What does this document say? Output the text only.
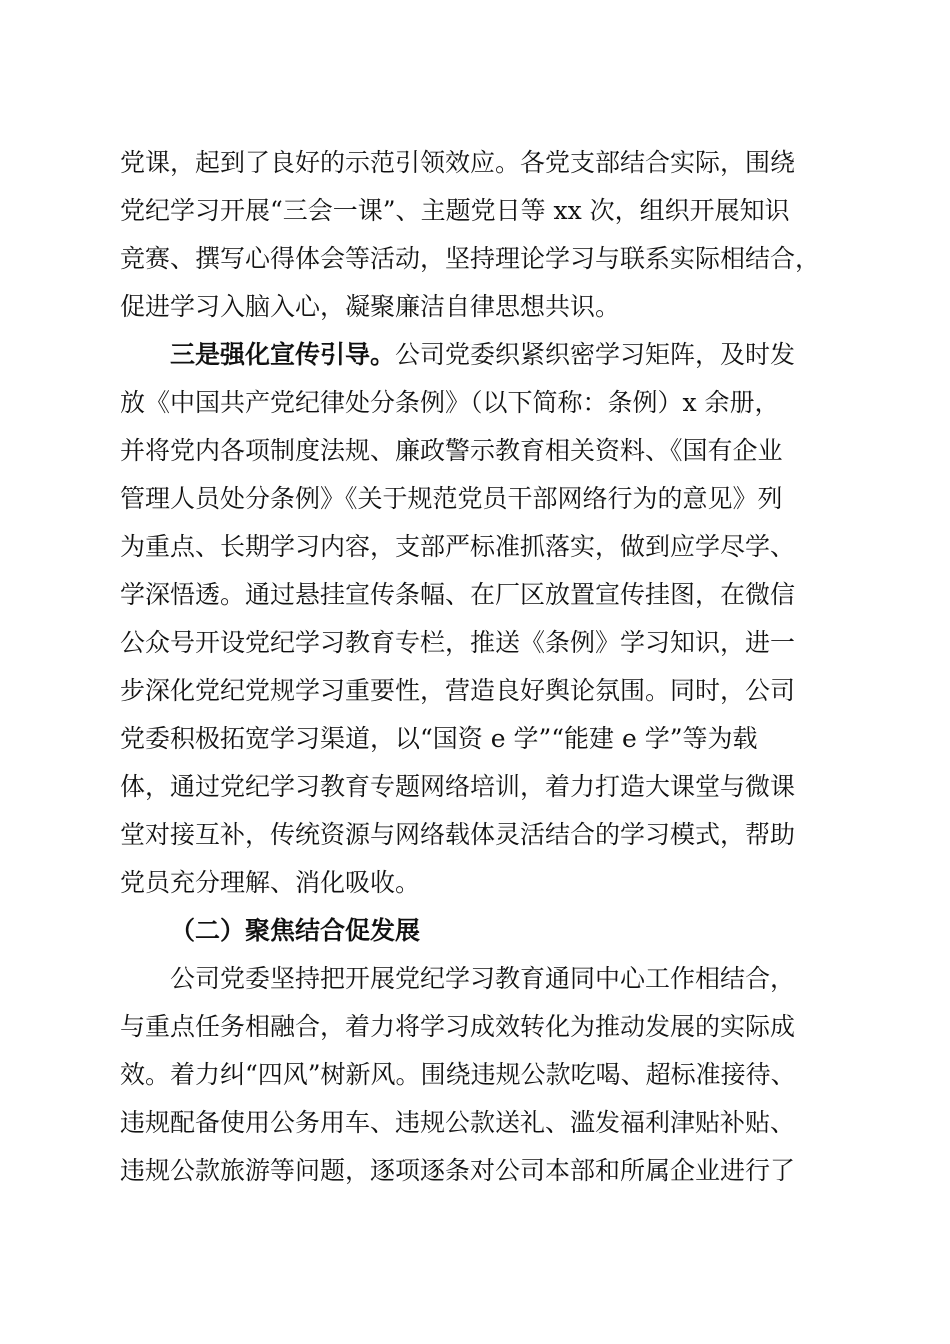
党课，起到了良好的示范引领效应。各党支部结合实际，围绕
党纪学习开展“三会一课”、主题党日等 xx 次，组织开展知识
竞赛、撰写心得体会等活动，坚持理论学习与联系实际相结合，
促进学习入脑入心，凝聚廉洁自律思想共识。
三是强化宣传引导。公司党委织紧织密学习矩阵，及时发
放《中国共产党纪律处分条例》（以下简称：条例）x 余册，
并将党内各项制度法规、廉政警示教育相关资料、《国有企业
管理人员处分条例》《关于规范党员干部网络行为的意见》列
为重点、长期学习内容，支部严标准抓落实，做到应学尽学、
学深悟透。通过悬挂宣传条幅、在厂区放置宣传挂图，在微信
公众号开设党纪学习教育专栏，推送《条例》学习知识，进一
步深化党纪党规学习重要性，营造良好舆论氛围。同时，公司
党委积极拓宽学习渠道，以“国资 e 学”“能建 e 学”等为载
体，通过党纪学习教育专题网络培训，着力打造大课堂与微课
堂对接互补，传统资源与网络载体灵活结合的学习模式，帮助
党员充分理解、消化吸收。
（二）聚焦结合促发展
公司党委坚持把开展党纪学习教育通同中心工作相结合，
与重点任务相融合，着力将学习成效转化为推动发展的实际成
效。着力纠“四风”树新风。围绕违规公款吃喝、超标准接待、
违规配备使用公务用车、违规公款送礼、滥发福利津贴补贴、
违规公款旅游等问题，逐项逐条对公司本部和所属企业进行了
